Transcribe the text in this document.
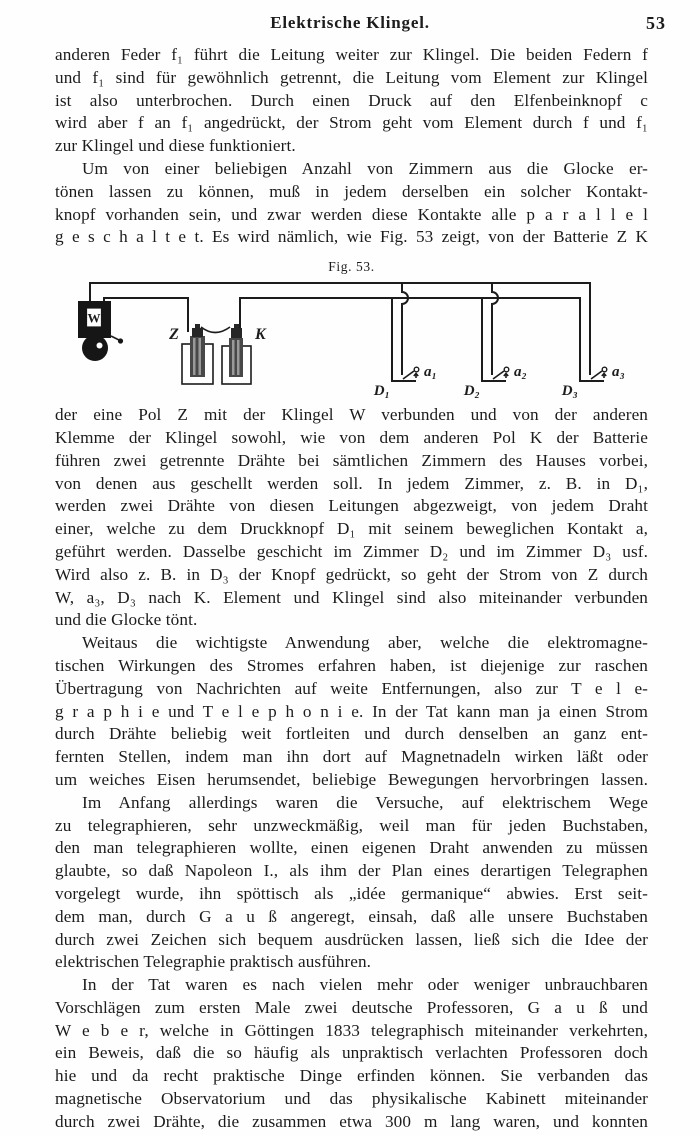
Elektrische Klingel.	53
anderen Feder f₁ führt die Leitung weiter zur Klingel. Die beiden Federn f
und f₁ sind für gewöhnlich getrennt, die Leitung vom Element zur Klingel
ist also unterbrochen. Durch einen Druck auf den Elfenbeinknopf c
wird aber f an f₁ angedrückt, der Strom geht vom Element durch f und f₁
zur Klingel und diese funktioniert.
Um von einer beliebigen Anzahl von Zimmern aus die Glocke er-
tönen lassen zu können, muß in jedem derselben ein solcher Kontakt-
knopf vorhanden sein, und zwar werden diese Kontakte alle p a r a l l e l
g e s c h a l t e t. Es wird nämlich, wie Fig. 53 zeigt, von der Batterie Z K
Fig. 53.
W
Z	K
D₁
a₁
D₂
a₂
D₃
a₃
der eine Pol Z mit der Klingel W verbunden und von der anderen
Klemme der Klingel sowohl, wie von dem anderen Pol K der Batterie
führen zwei getrennte Drähte bei sämtlichen Zimmern des Hauses vorbei,
von denen aus geschellt werden soll. In jedem Zimmer, z. B. in D₁,
werden zwei Drähte von diesen Leitungen abgezweigt, von jedem Draht
einer, welche zu dem Druckknopf D₁ mit seinem beweglichen Kontakt a,
geführt werden. Dasselbe geschicht im Zimmer D₂ und im Zimmer D₃ usf.
Wird also z. B. in D₃ der Knopf gedrückt, so geht der Strom von Z durch
W, a₃, D₃ nach K. Element und Klingel sind also miteinander verbunden
und die Glocke tönt.
Weitaus die wichtigste Anwendung aber, welche die elektromagne-
tischen Wirkungen des Stromes erfahren haben, ist diejenige zur raschen
Übertragung von Nachrichten auf weite Entfernungen, also zur T e l e-
g r a p h i e und T e l e p h o n i e. In der Tat kann man ja einen Strom
durch Drähte beliebig weit fortleiten und durch denselben an ganz ent-
fernten Stellen, indem man ihn dort auf Magnetnadeln wirken läßt oder
um weiches Eisen herumsendet, beliebige Bewegungen hervorbringen lassen.
Im Anfang allerdings waren die Versuche, auf elektrischem Wege
zu telegraphieren, sehr unzweckmäßig, weil man für jeden Buchstaben,
den man telegraphieren wollte, einen eigenen Draht anwenden zu müssen
glaubte, so daß Napoleon I., als ihm der Plan eines derartigen Telegraphen
vorgelegt wurde, ihn spöttisch als „idée germanique“ abwies. Erst seit-
dem man, durch G a u ß angeregt, einsah, daß alle unsere Buchstaben
durch zwei Zeichen sich bequem ausdrücken lassen, ließ sich die Idee der
elektrischen Telegraphie praktisch ausführen.
In der Tat waren es nach vielen mehr oder weniger unbrauchbaren
Vorschlägen zum ersten Male zwei deutsche Professoren, G a u ß und
W e b e r, welche in Göttingen 1833 telegraphisch miteinander verkehrten,
ein Beweis, daß die so häufig als unpraktisch verlachten Professoren doch
hie und da recht praktische Dinge erfinden können. Sie verbanden das
magnetische Observatorium und das physikalische Kabinett miteinander
durch zwei Drähte, die zusammen etwa 300 m lang waren, und konnten
